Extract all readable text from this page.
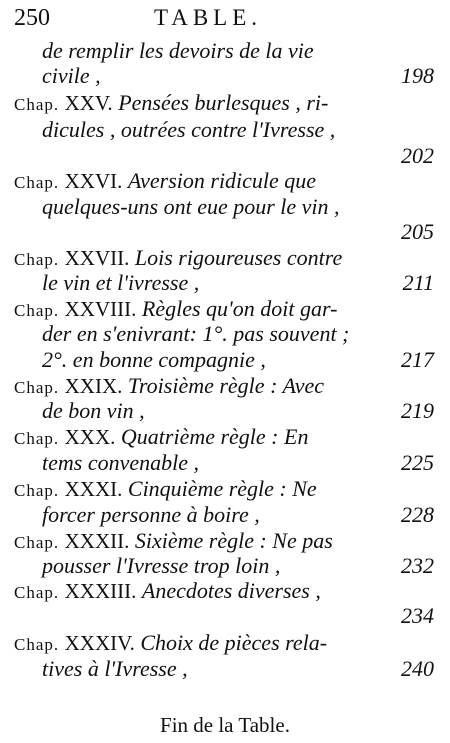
250	TABLE.
de remplir les devoirs de la vie
civile ,	198
Chap. XXV. Pensées burlesques , ri-
dicules , outrées contre l'Ivresse ,
202
Chap. XXVI. Aversion ridicule que
quelques-uns ont eue pour le vin ,
205
Chap. XXVII. Lois rigoureuses contre
le vin et l'ivresse ,	211
Chap. XXVIII. Règles qu'on doit gar-
der en s'enivrant: 1°. pas souvent ;
2°. en bonne compagnie ,	217
Chap. XXIX. Troisième règle : Avec
de bon vin ,	219
Chap. XXX. Quatrième règle : En
tems convenable ,	225
Chap. XXXI. Cinquième règle : Ne
forcer personne à boire ,	228
Chap. XXXII. Sixième règle : Ne pas
pousser l'Ivresse trop loin ,	232
Chap. XXXIII. Anecdotes diverses ,
234
Chap. XXXIV. Choix de pièces rela-
tives à l'Ivresse ,	240
Fin de la Table.
